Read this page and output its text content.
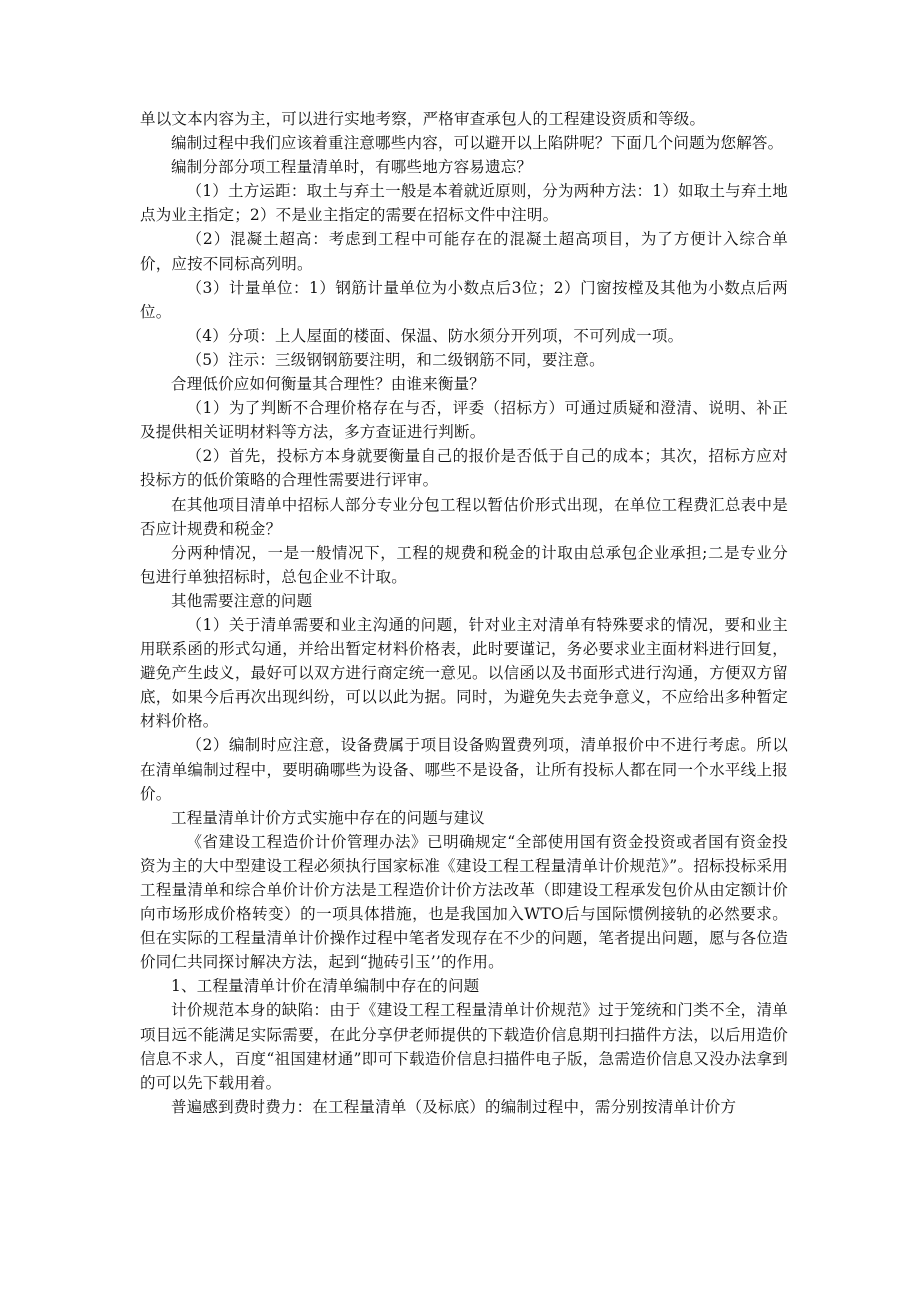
单以文本内容为主，可以进行实地考察，严格审查承包人的工程建设资质和等级。

编制过程中我们应该着重注意哪些内容，可以避开以上陷阱呢？下面几个问题为您解答。

编制分部分项工程量清单时，有哪些地方容易遗忘？

（1）土方运距：取土与弃土一般是本着就近原则，分为两种方法：1）如取土与弃土地点为业主指定；2）不是业主指定的需要在招标文件中注明。

（2）混凝土超高：考虑到工程中可能存在的混凝土超高项目，为了方便计入综合单价，应按不同标高列明。

（3）计量单位：1）钢筋计量单位为小数点后3位；2）门窗按樘及其他为小数点后两位。

（4）分项：上人屋面的楼面、保温、防水须分开列项，不可列成一项。

（5）注示：三级钢钢筋要注明，和二级钢筋不同，要注意。

合理低价应如何衡量其合理性？由谁来衡量？

（1）为了判断不合理价格存在与否，评委（招标方）可通过质疑和澄清、说明、补正及提供相关证明材料等方法，多方查证进行判断。

（2）首先，投标方本身就要衡量自己的报价是否低于自己的成本；其次，招标方应对投标方的低价策略的合理性需要进行评审。

在其他项目清单中招标人部分专业分包工程以暂估价形式出现，在单位工程费汇总表中是否应计规费和税金？

分两种情况，一是一般情况下，工程的规费和税金的计取由总承包企业承担;二是专业分包进行单独招标时，总包企业不计取。

其他需要注意的问题

（1）关于清单需要和业主沟通的问题，针对业主对清单有特殊要求的情况，要和业主用联系函的形式勾通，并给出暂定材料价格表，此时要谨记，务必要求业主面材料进行回复，避免产生歧义，最好可以双方进行商定统一意见。以信函以及书面形式进行沟通，方便双方留底，如果今后再次出现纠纷，可以以此为据。同时，为避免失去竞争意义，不应给出多种暂定材料价格。

（2）编制时应注意，设备费属于项目设备购置费列项，清单报价中不进行考虑。所以在清单编制过程中，要明确哪些为设备、哪些不是设备，让所有投标人都在同一个水平线上报价。

工程量清单计价方式实施中存在的问题与建议

《省建设工程造价计价管理办法》已明确规定“全部使用国有资金投资或者国有资金投资为主的大中型建设工程必须执行国家标准《建设工程工程量清单计价规范》”。招标投标采用工程量清单和综合单价计价方法是工程造价计价方法改革（即建设工程承发包价从由定额计价向市场形成价格转变）的一项具体措施，也是我国加入WTO后与国际惯例接轨的必然要求。但在实际的工程量清单计价操作过程中笔者发现存在不少的问题，笔者提出问题，愿与各位造价同仁共同探讨解决方法，起到“抛砖引玉’’的作用。

1、工程量清单计价在清单编制中存在的问题

计价规范本身的缺陷：由于《建设工程工程量清单计价规范》过于笼统和门类不全，清单项目远不能满足实际需要，在此分享伊老师提供的下载造价信息期刊扫描件方法，以后用造价信息不求人，百度“祖国建材通”即可下载造价信息扫描件电子版，急需造价信息又没办法拿到的可以先下载用着。

普遍感到费时费力：在工程量清单（及标底）的编制过程中，需分别按清单计价方
